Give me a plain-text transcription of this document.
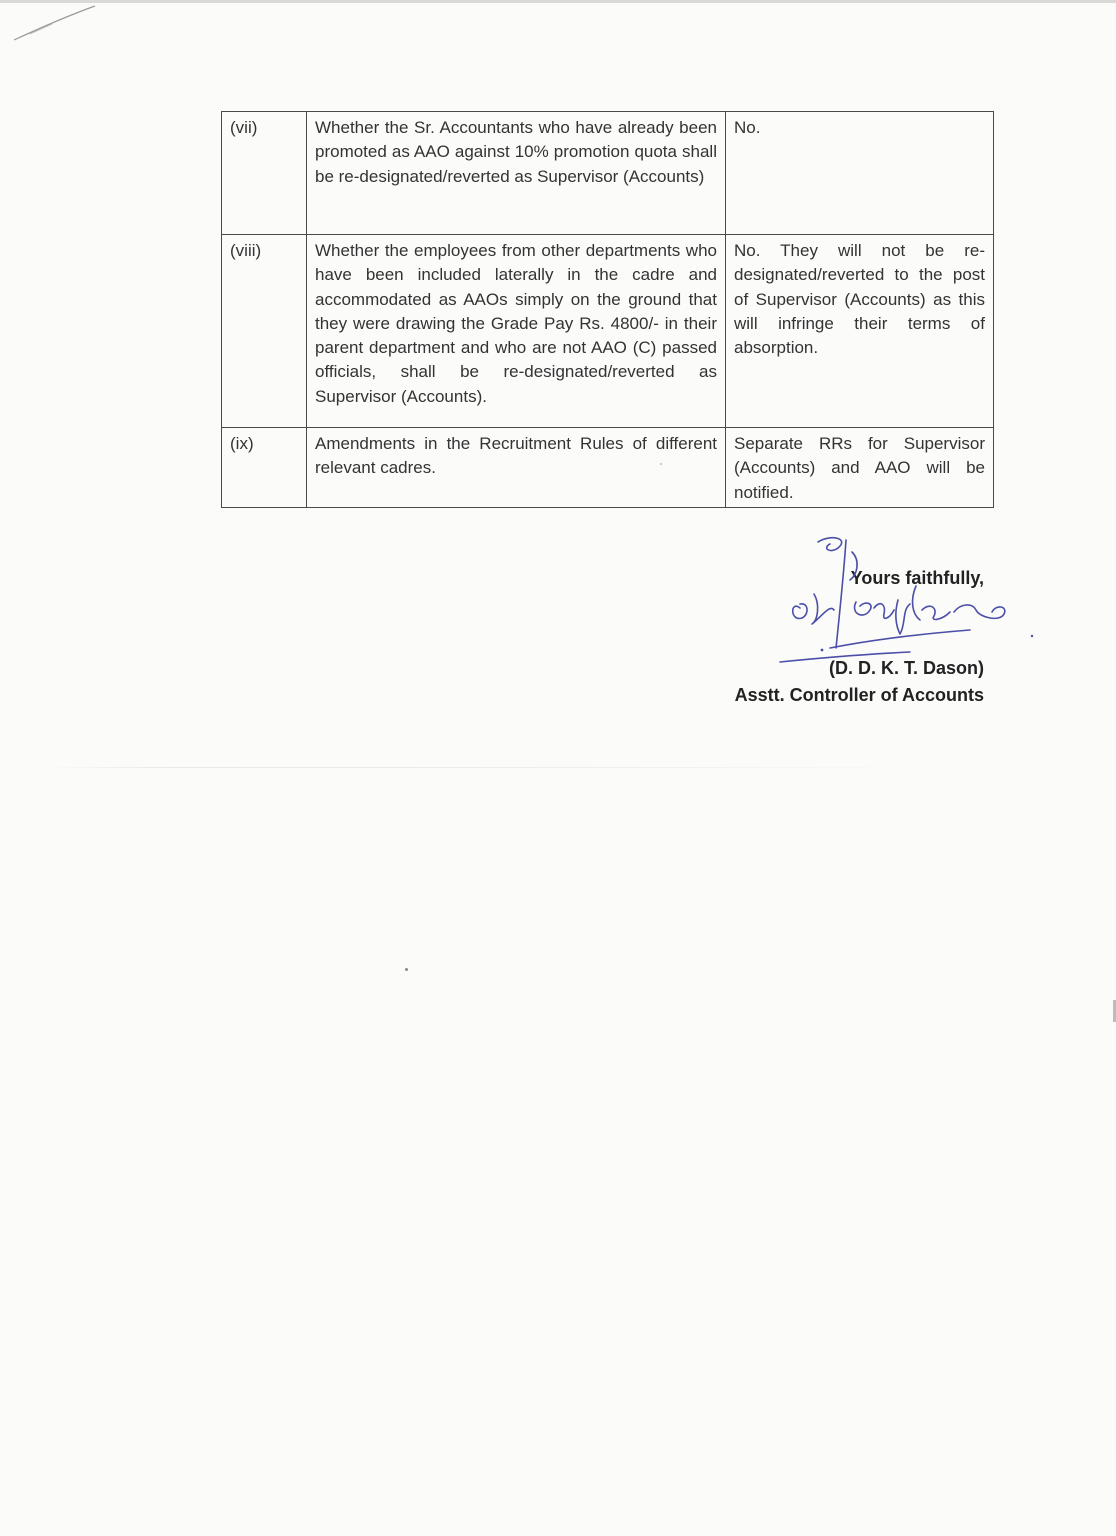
(vii)	Whether the Sr. Accountants who have already been promoted as AAO against 10% promotion quota shall be re-designated/reverted as Supervisor (Accounts)	No.
(viii)	Whether the employees from other departments who have been included laterally in the cadre and accommodated as AAOs simply on the ground that they were drawing the Grade Pay Rs. 4800/- in their parent department and who are not AAO (C) passed officials, shall be re-designated/reverted as Supervisor (Accounts).	No. They will not be re-designated/reverted to the post of Supervisor (Accounts) as this will infringe their terms of absorption.
(ix)	Amendments in the Recruitment Rules of different relevant cadres.	Separate RRs for Supervisor (Accounts) and AAO will be notified.
Yours faithfully,
(D. D. K. T. Dason)
Asstt. Controller of Accounts
